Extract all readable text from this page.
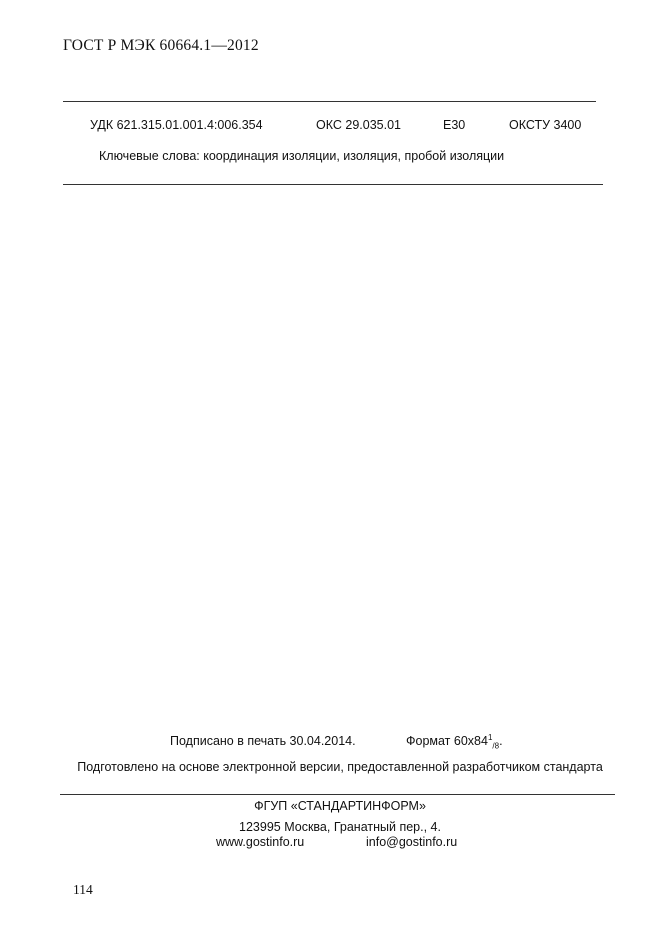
ГОСТ Р МЭК 60664.1—2012
УДК 621.315.01.001.4:006.354	ОКС 29.035.01	Е30	ОКСТУ 3400
Ключевые слова: координация изоляции, изоляция, пробой изоляции
Подписано в печать 30.04.2014.	Формат $60x84^1_{/8}$.
Подготовлено на основе электронной версии, предоставленной разработчиком стандарта
ФГУП «СТАНДАРТИНФОРМ»
123995 Москва, Гранатный пер., 4.
www.gostinfo.ru	info@gostinfo.ru
114
